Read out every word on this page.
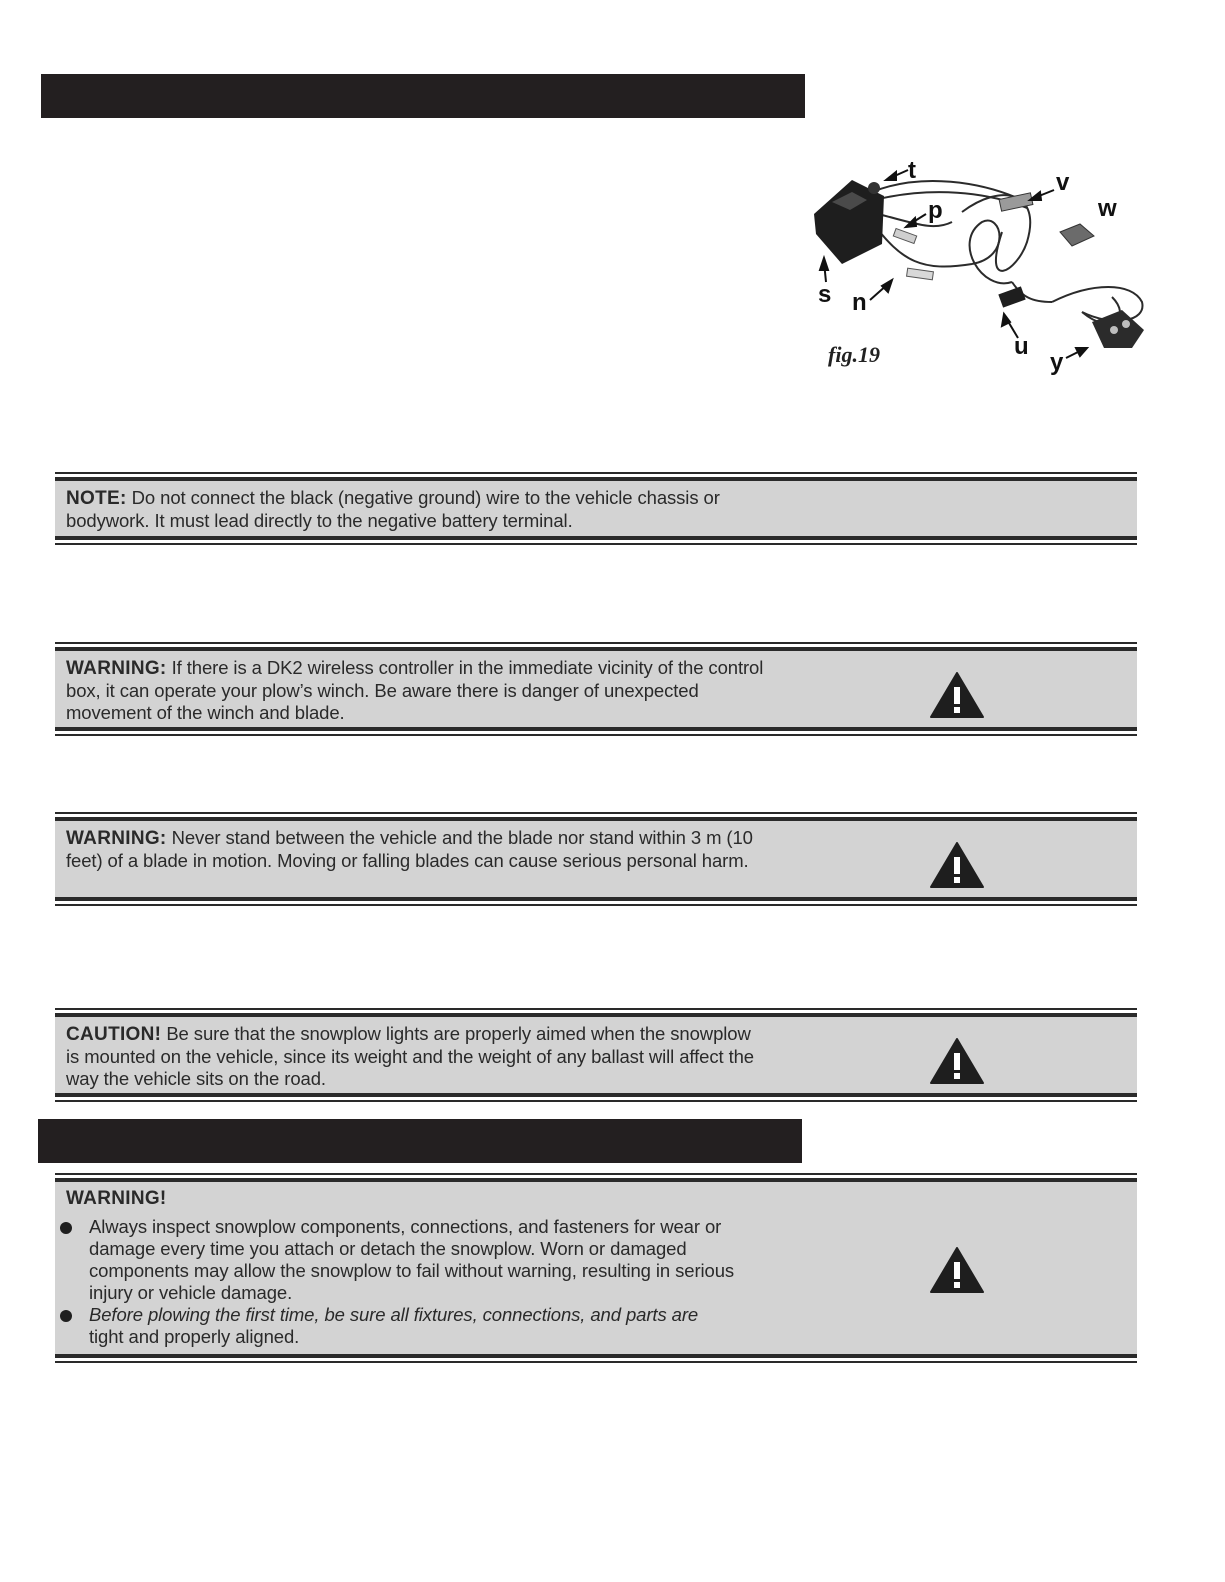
t
p
v
w
s n
u
y
fig.19
NOTE: Do not connect the black (negative ground) wire to the vehicle chassis or bodywork. It must lead directly to the negative battery terminal.
WARNING: If there is a DK2 wireless controller in the immediate vicinity of the control box, it can operate your plow’s winch. Be aware there is danger of unexpected movement of the winch and blade.
WARNING: Never stand between the vehicle and the blade nor stand within 3 m (10 feet) of a blade in motion. Moving or falling blades can cause serious personal harm.
CAUTION! Be sure that the snowplow lights are properly aimed when the snowplow is mounted on the vehicle, since its weight and the weight of any ballast will affect the way the vehicle sits on the road.
WARNING!
Always inspect snowplow components, connections, and fasteners for wear or damage every time you attach or detach the snowplow. Worn or damaged components may allow the snowplow to fail without warning, resulting in serious injury or vehicle damage.
Before plowing the first time, be sure all fixtures, connections, and parts are
tight and properly aligned.
